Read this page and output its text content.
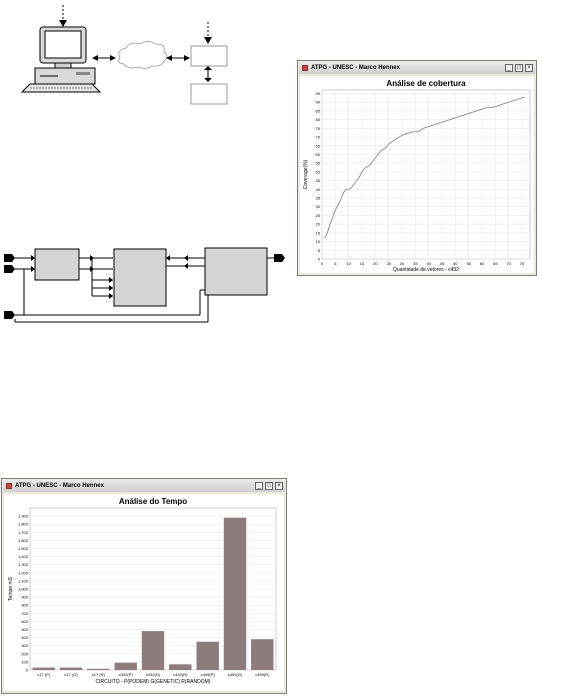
ATPG - UNESC - Marco Hennex	_	□	×
Análise de cobertura
0
5
10
15
20
25
30
35
40
45
50
55
60
65
70
75
80
85
90
95
0	5 10 15 20 25 30 35 40 45 50 55 60 65 70 75
Quantidade de vetores - c432
Coverage(%)
ATPG - UNESC - Marco Hennex	_	□	×
Análise do Tempo
0
100
200
300
400
500
600
700
800
900
1.000
1.100
1.200
1.300
1.400
1.500
1.600
1.700
1.800
1.900
c17 (P)	c17 (G)	c17 (R)	c432(P)	c432(G)	c432(R)	c499(P)	c499(G)	c499(R)
CIRCUITO - P(PODEM) G(GENETIC) R(RANDOM)
Tempo mS
